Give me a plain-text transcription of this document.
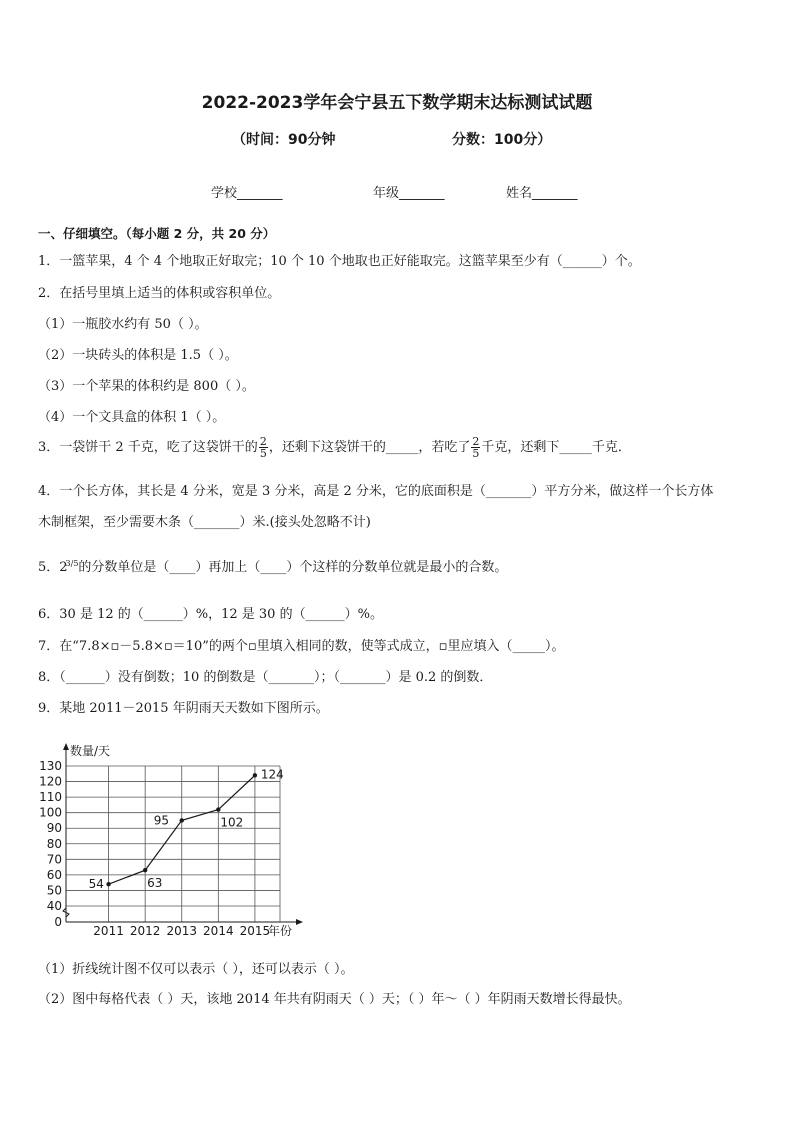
2022-2023学年会宁县五下数学期末达标测试试题
（时间：90分钟	分数：100分）
学校_______	年级_______	姓名_______
一、仔细填空。（每小题 2 分，共 20 分）
1．一篮苹果，4 个 4 个地取正好取完；10 个 10 个地取也正好能取完。这篮苹果至少有（______）个。
2．在括号里填上适当的体积或容积单位。
（1）一瓶胶水约有 50（ ）。
（2）一块砖头的体积是 1.5（ ）。
（3）一个苹果的体积约是 800（ ）。
（4）一个文具盒的体积 1（ ）。
3．一袋饼干 2 千克，吃了这袋饼干的 $\frac{2}{5}$ ，还剩下这袋饼干的_____，若吃了 $\frac{2}{5}$ 千克，还剩下_____千克．
4．一个长方体，其长是 4 分米，宽是 3 分米，高是 2 分米，它的底面积是（_______）平方分米，做这样一个长方体
木制框架，至少需要木条（_______）米.(接头处忽略不计)
5．$2^{3/5}$的分数单位是（____）再加上（____）个这样的分数单位就是最小的合数。
6．30 是 12 的（______）%，12 是 30 的（______）%。
7．在“7.8×▫－5.8×▫＝10”的两个▫里填入相同的数，使等式成立，▫里应填入（_____）。
8．（______）没有倒数；10 的倒数是（_______）；（_______）是 0.2 的倒数．
9．某地 2011－2015 年阴雨天天数如下图所示。
0
40
50
60
70
80
90
100
110
120
130
2011 2012 2013 2014 2015
54	63
95	102
124
数量/天
年份
（1）折线统计图不仅可以表示（ ），还可以表示（ ）。
（2）图中每格代表（ ）天，该地 2014 年共有阴雨天（ ）天；（ ）年～（ ）年阴雨天数增长得最快。
